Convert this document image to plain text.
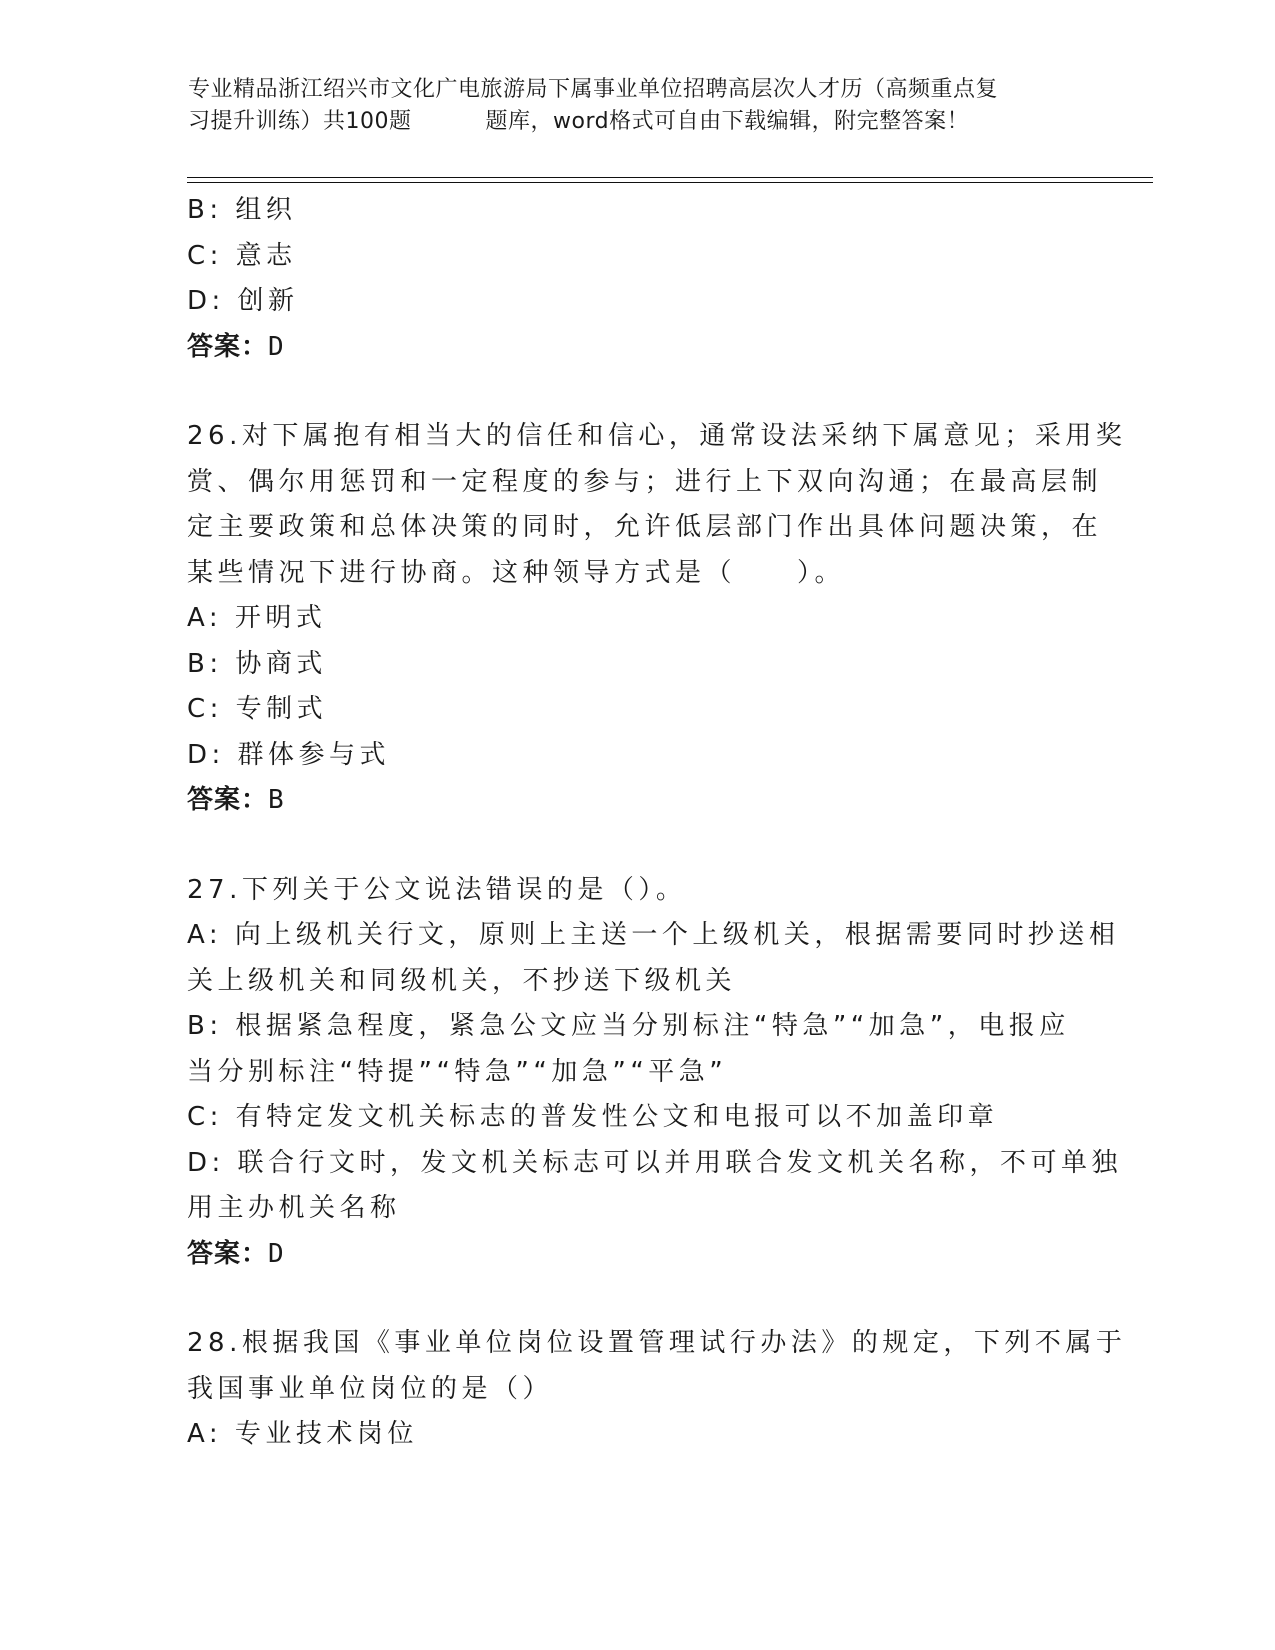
专业精品浙江绍兴市文化广电旅游局下属事业单位招聘高层次人才历（高频重点复
习提升训练）共100题	题库，word格式可自由下载编辑，附完整答案！
B: 组织
C: 意志
D: 创新
答案：D
26.对下属抱有相当大的信任和信心，通常设法采纳下属意见；采用奖
赏、偶尔用惩罚和一定程度的参与；进行上下双向沟通；在最高层制
定主要政策和总体决策的同时，允许低层部门作出具体问题决策，在
某些情况下进行协商。这种领导方式是（　　）。
A: 开明式
B: 协商式
C: 专制式
D: 群体参与式
答案：B
27.下列关于公文说法错误的是（）。
A: 向上级机关行文，原则上主送一个上级机关，根据需要同时抄送相
关上级机关和同级机关，不抄送下级机关
B: 根据紧急程度，紧急公文应当分别标注“特急”“加急”，电报应
当分别标注“特提”“特急”“加急”“平急”
C: 有特定发文机关标志的普发性公文和电报可以不加盖印章
D: 联合行文时，发文机关标志可以并用联合发文机关名称，不可单独
用主办机关名称
答案：D
28.根据我国《事业单位岗位设置管理试行办法》的规定，下列不属于
我国事业单位岗位的是（）
A: 专业技术岗位
